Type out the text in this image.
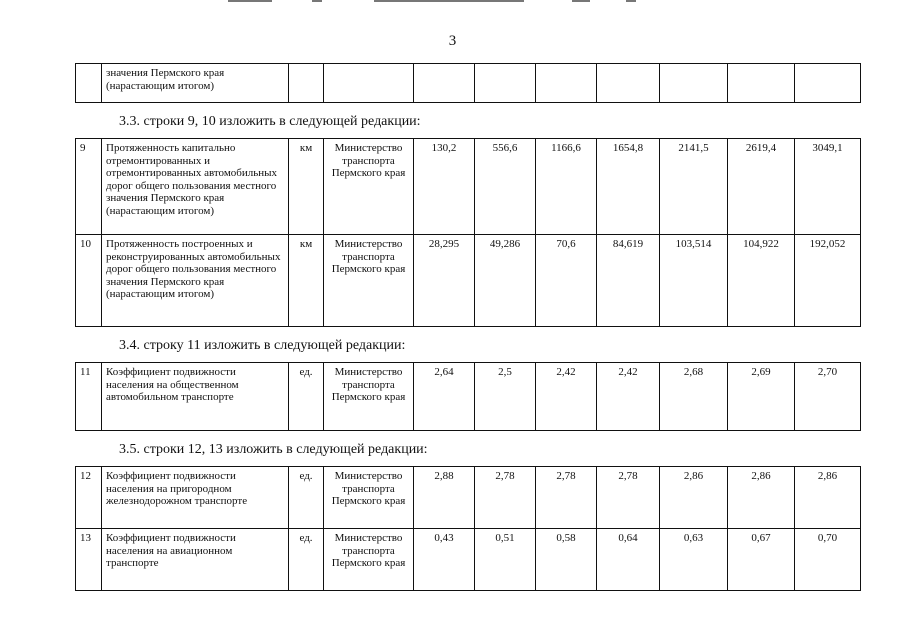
3
	значения Пермского края (нарастающим итогом)									
3.3. строки 9, 10 изложить в следующей редакции:
9	Протяженность капитально отремонтированных и отремонтированных автомобильных дорог общего пользования местного значения Пермского края (нарастающим итогом)	км	Министерство транспорта Пермского края	130,2	556,6	1166,6	1654,8	2141,5	2619,4	3049,1
10	Протяженность построенных и реконструированных автомобильных дорог общего пользования местного значения Пермского края (нарастающим итогом)	км	Министерство транспорта Пермского края	28,295	49,286	70,6	84,619	103,514	104,922	192,052
3.4. строку 11 изложить в следующей редакции:
11	Коэффициент подвижности населения на общественном автомобильном транспорте	ед.	Министерство транспорта Пермского края	2,64	2,5	2,42	2,42	2,68	2,69	2,70
3.5. строки 12, 13 изложить в следующей редакции:
12	Коэффициент подвижности населения на пригородном железнодорожном транспорте	ед.	Министерство транспорта Пермского края	2,88	2,78	2,78	2,78	2,86	2,86	2,86
13	Коэффициент подвижности населения на авиационном транспорте	ед.	Министерство транспорта Пермского края	0,43	0,51	0,58	0,64	0,63	0,67	0,70
